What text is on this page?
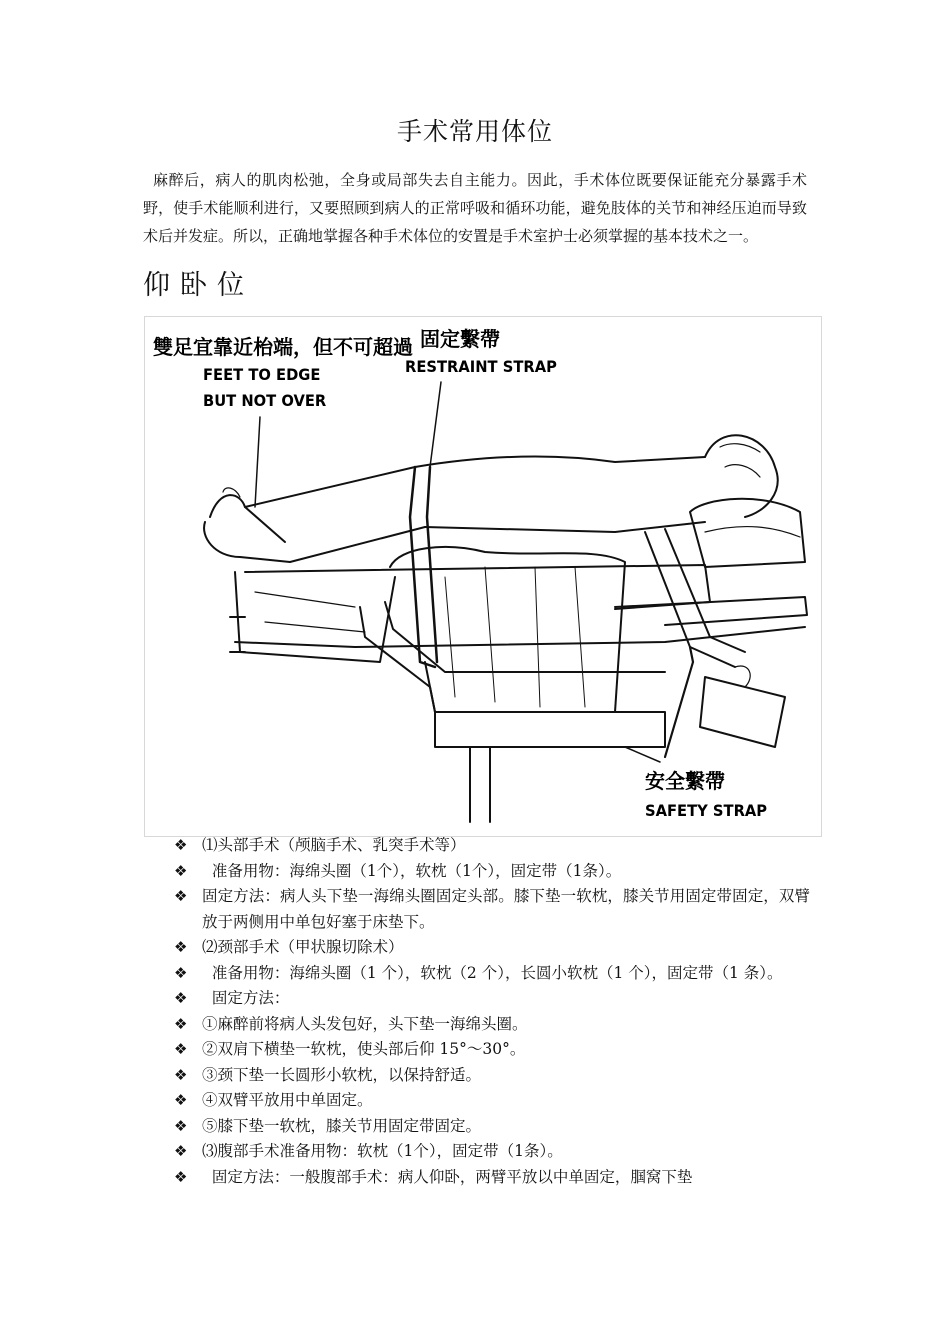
手术常用体位
麻醉后，病人的肌肉松弛，全身或局部失去自主能力。因此，手术体位既要保证能充分暴露手术野，使手术能顺利进行，又要照顾到病人的正常呼吸和循环功能，避免肢体的关节和神经压迫而导致术后并发症。所以，正确地掌握各种手术体位的安置是手术室护士必须掌握的基本技术之一。
仰卧位
雙足宜靠近枱端，但不可超過
FEET TO EDGE
BUT NOT OVER
固定繫帶
RESTRAINT STRAP
安全繫帶
SAFETY STRAP
❖ ⑴头部手术（颅脑手术、乳突手术等）
❖ 准备用物：海绵头圈（1个），软枕（1个），固定带（1条）。
❖ 固定方法：病人头下垫一海绵头圈固定头部。膝下垫一软枕，膝关节用固定带固定，双臂放于两侧用中单包好塞于床垫下。
❖ ⑵颈部手术（甲状腺切除术）
❖ 准备用物：海绵头圈（1 个），软枕（2 个），长圆小软枕（1 个），固定带（1 条）。
❖ 固定方法：
❖ ①麻醉前将病人头发包好，头下垫一海绵头圈。
❖ ②双肩下横垫一软枕，使头部后仰 15°～30°。
❖ ③颈下垫一长圆形小软枕，以保持舒适。
❖ ④双臂平放用中单固定。
❖ ⑤膝下垫一软枕，膝关节用固定带固定。
❖ ⑶腹部手术准备用物：软枕（1个），固定带（1条）。
❖ 固定方法：一般腹部手术：病人仰卧，两臂平放以中单固定，腘窝下垫
